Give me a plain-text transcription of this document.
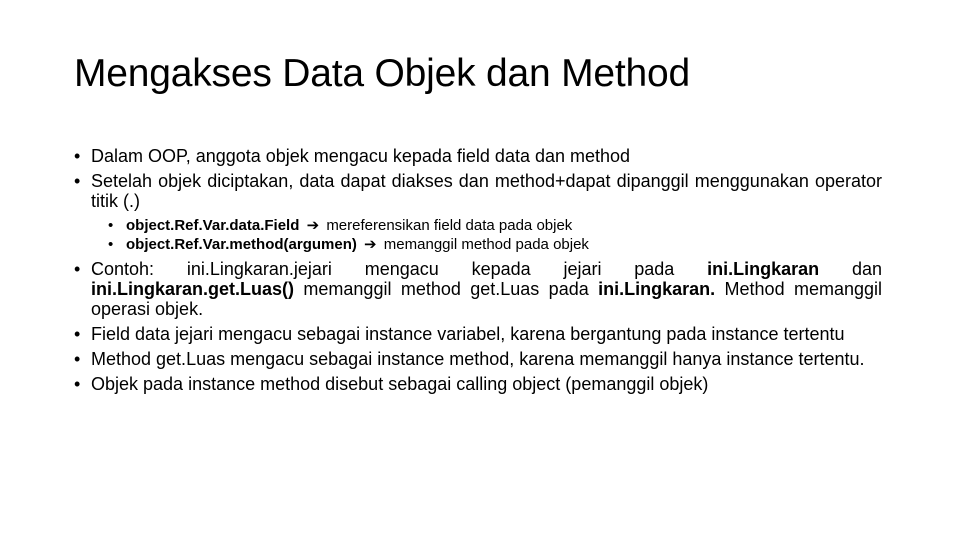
Mengakses Data Objek dan Method
• Dalam OOP, anggota objek mengacu kepada field data dan method
• Setelah objek diciptakan, data dapat diakses dan method+dapat dipanggil menggunakan operator titik (.)
• object.Ref.Var.data.Field ➔ mereferensikan field data pada objek
• object.Ref.Var.method(argumen) ➔ memanggil method pada objek
• Contoh: ini.Lingkaran.jejari mengacu kepada jejari pada ini.Lingkaran dan ini.Lingkaran.get.Luas() memanggil method get.Luas pada ini.Lingkaran. Method memanggil operasi objek.
• Field data jejari mengacu sebagai instance variabel, karena bergantung pada instance tertentu
• Method get.Luas mengacu sebagai instance method, karena memanggil hanya instance tertentu.
• Objek pada instance method disebut sebagai calling object (pemanggil objek)
